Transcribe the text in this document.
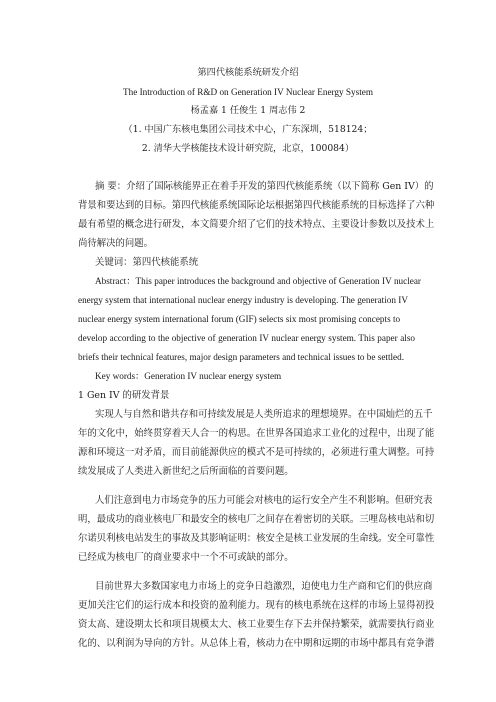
第四代核能系统研发介绍
The Introduction of R&D on Generation IV Nuclear Energy System
杨孟嘉 1 任俊生 1 周志伟 2
（1. 中国广东核电集团公司技术中心，广东深圳，518124；
2. 清华大学核能技术设计研究院，北京，100084）
摘 要：介绍了国际核能界正在着手开发的第四代核能系统（以下简称 Gen IV）的
背景和要达到的目标。第四代核能系统国际论坛根据第四代核能系统的目标选择了六种
最有希望的概念进行研发，本文简要介绍了它们的技术特点、主要设计参数以及技术上
尚待解决的问题。
关键词：第四代核能系统
Abstract：This paper introduces the background and objective of Generation IV nuclear
energy system that international nuclear energy industry is developing. The generation IV
nuclear energy system international forum (GIF) selects six most promising concepts to
develop according to the objective of generation IV nuclear energy system. This paper also
briefs their technical features, major design parameters and technical issues to be settled.
Key words：Generation IV nuclear energy system
1 Gen IV 的研发背景
实现人与自然和谐共存和可持续发展是人类所追求的理想境界。在中国灿烂的五千
年的文化中，始终贯穿着天人合一的构思。在世界各国追求工业化的过程中，出现了能
源和环境这一对矛盾，而目前能源供应的模式不是可持续的，必须进行重大调整。可持
续发展成了人类进入新世纪之后所面临的首要问题。
人们注意到电力市场竞争的压力可能会对核电的运行安全产生不利影响。但研究表
明，最成功的商业核电厂和最安全的核电厂之间存在着密切的关联。三哩岛核电站和切
尔诺贝利核电站发生的事故及其影响证明：核安全是核工业发展的生命线。安全可靠性
已经成为核电厂的商业要求中一个不可或缺的部分。
目前世界大多数国家电力市场上的竞争日趋激烈，迫使电力生产商和它们的供应商
更加关注它们的运行成本和投资的盈利能力。现有的核电系统在这样的市场上显得初投
资太高、建设期太长和项目规模太大、核工业要生存下去并保持繁荣，就需要执行商业
化的、以利润为导向的方针。从总体上看，核动力在中期和远期的市场中都具有竞争潜
